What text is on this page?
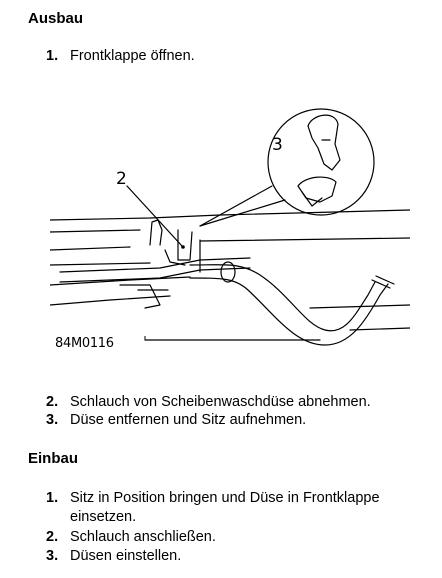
Ausbau
1. Frontklappe öffnen.
2
3
84M0116
2. Schlauch von Scheibenwaschdüse abnehmen.
3. Düse entfernen und Sitz aufnehmen.
Einbau
1. Sitz in Position bringen und Düse in Frontklappe
einsetzen.
2. Schlauch anschließen.
3. Düsen einstellen.
